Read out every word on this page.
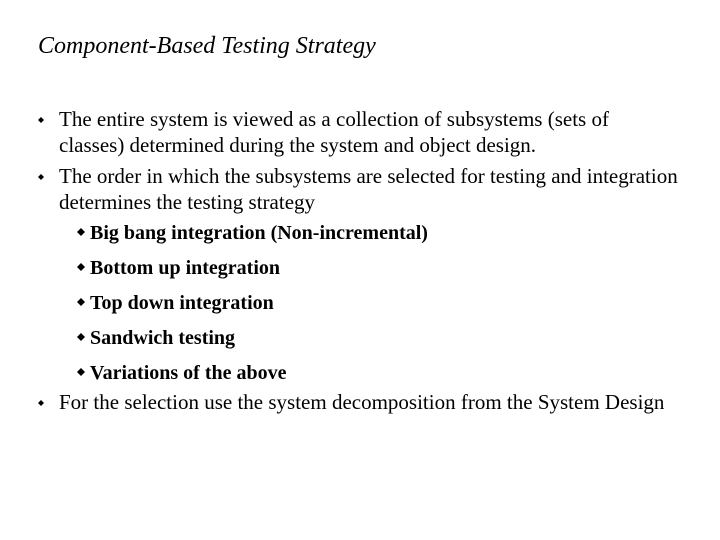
Component-Based Testing Strategy
The entire system is viewed as a collection of subsystems (sets of classes) determined during the system and object design.
The order in which the subsystems are selected for testing and integration determines the testing strategy
Big bang integration (Non-incremental)
Bottom up integration
Top down integration
Sandwich testing
Variations of the above
For the selection use the system decomposition from the System Design
